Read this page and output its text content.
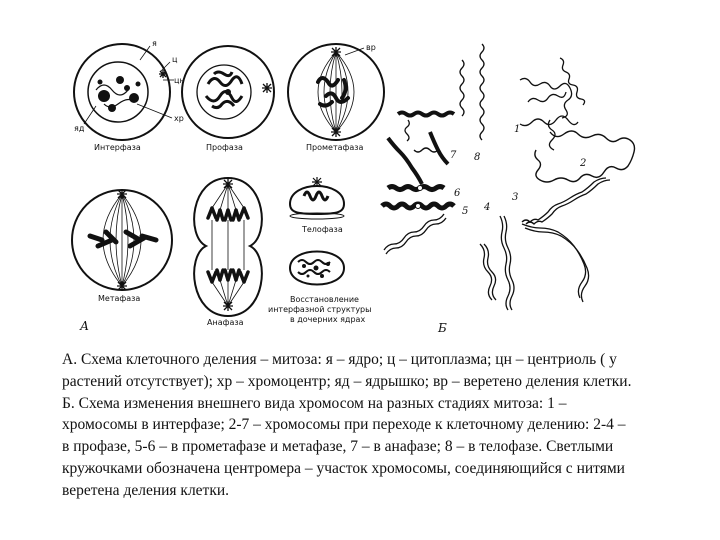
я
ц
цн
хр
яд
Интерфаза	Профаза
вр
Прометафаза
Метафаза
Анафаза
Телофаза
Восстановление
интерфазной структуры
в дочерних ядрах
А
8
7
1
2
3
4
5
6
Б

А. Схема клеточного деления – митоза: я – ядро; ц – цитоплазма; цн – центриоль ( у

растений отсутствует); хр – хромоцентр; яд – ядрышко; вр – веретено деления клетки.

Б. Схема изменения внешнего вида хромосом на разных стадиях митоза: 1 –

хромосомы в интерфазе; 2-7 – хромосомы при переходе к клеточному делению: 2-4 –

в профазе, 5-6 – в прометафазе и метафазе, 7 – в анафазе; 8 – в телофазе. Светлыми

кружочками обозначена центромера – участок хромосомы, соединяющийся с нитями

веретена деления клетки.
